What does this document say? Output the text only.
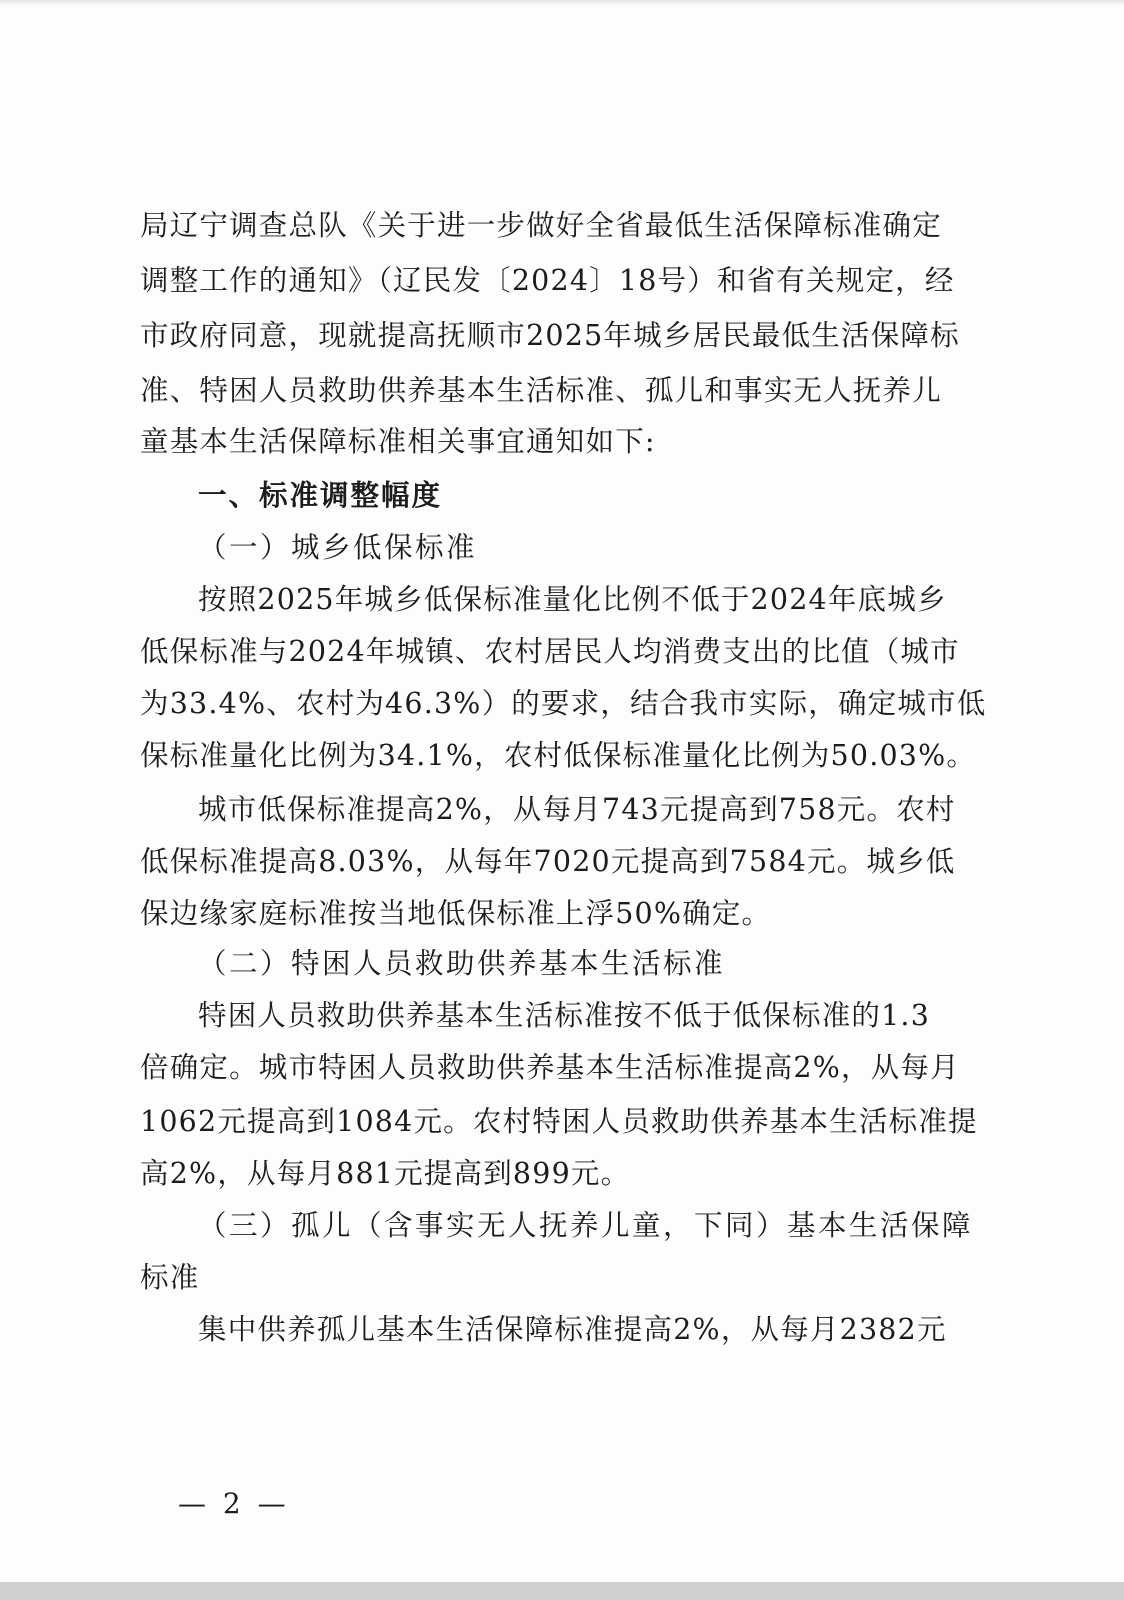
局辽宁调查总队《关于进一步做好全省最低生活保障标准确定

调整工作的通知》（辽民发〔2024〕18号）和省有关规定，经

市政府同意，现就提高抚顺市2025年城乡居民最低生活保障标

准、特困人员救助供养基本生活标准、孤儿和事实无人抚养儿

童基本生活保障标准相关事宜通知如下:

一、标准调整幅度

（一）城乡低保标准

按照2025年城乡低保标准量化比例不低于2024年底城乡

低保标准与2024年城镇、农村居民人均消费支出的比值（城市

为33.4%、农村为46.3%）的要求，结合我市实际，确定城市低

保标准量化比例为34.1%，农村低保标准量化比例为50.03%。

城市低保标准提高2%，从每月743元提高到758元。农村

低保标准提高8.03%，从每年7020元提高到7584元。城乡低

保边缘家庭标准按当地低保标准上浮50%确定。

（二）特困人员救助供养基本生活标准

特困人员救助供养基本生活标准按不低于低保标准的1.3

倍确定。城市特困人员救助供养基本生活标准提高2%，从每月

1062元提高到1084元。农村特困人员救助供养基本生活标准提

高2%，从每月881元提高到899元。

（三）孤儿（含事实无人抚养儿童，下同）基本生活保障

标准

集中供养孤儿基本生活保障标准提高2%，从每月2382元

— 2 —
